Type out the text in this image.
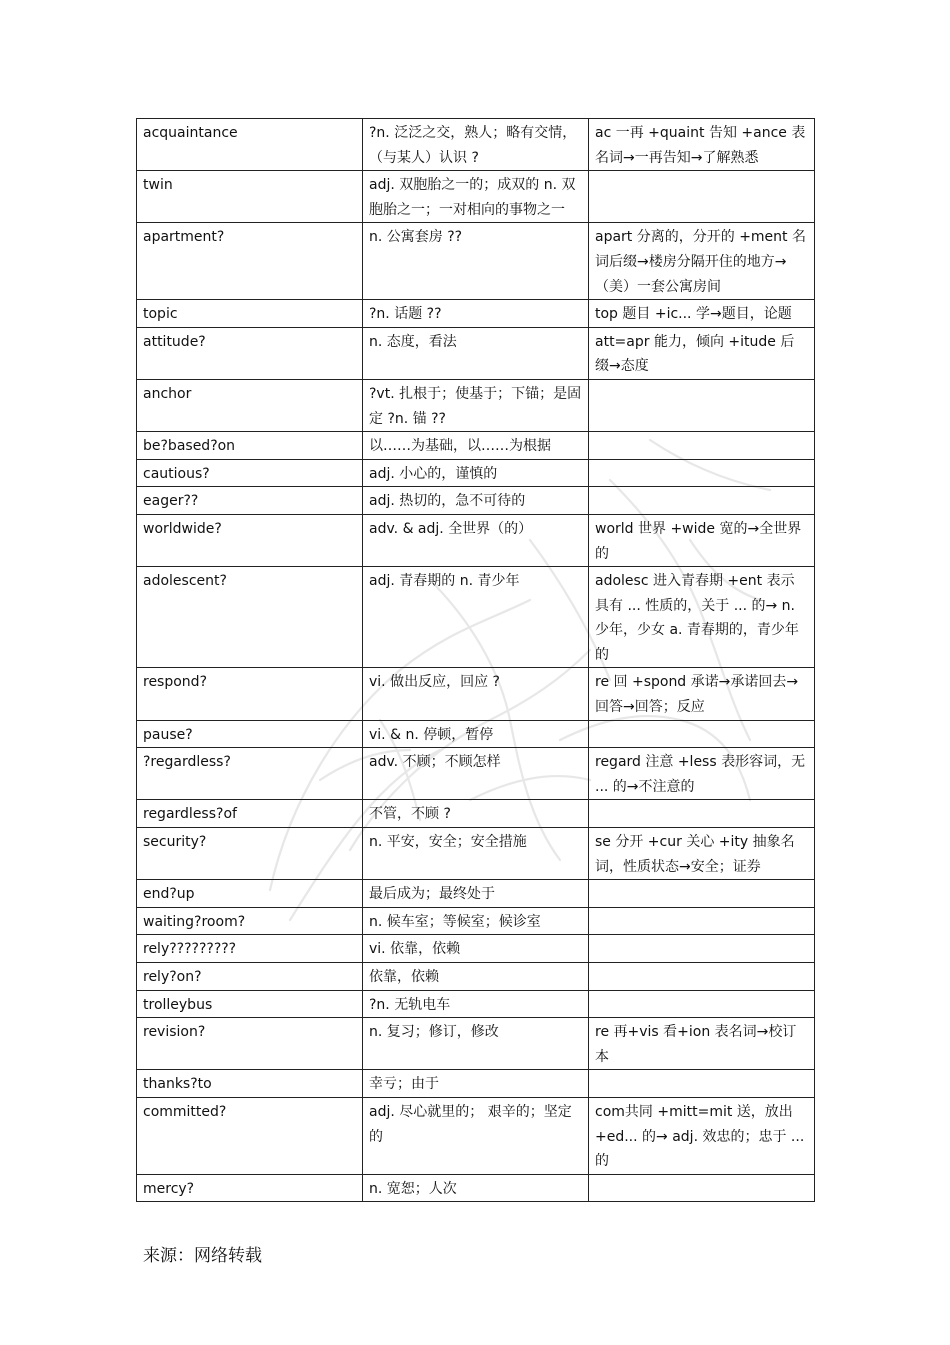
acquaintance	?n. 泛泛之交，熟人；略有交情，（与某人）认识 ?	ac 一再 +quaint 告知 +ance 表名词→一再告知→了解熟悉
twin	adj. 双胞胎之一的；成双的 n. 双胞胎之一；一对相向的事物之一	
apartment?	n. 公寓套房 ??	apart 分离的，分开的 +ment 名词后缀→楼房分隔开住的地方→（美）一套公寓房间
topic	?n. 话题 ??	top 题目 +ic... 学→题目，论题
attitude?	n. 态度，看法	att=apr 能力，倾向 +itude 后缀→态度
anchor	?vt. 扎根于；使基于；下锚；是固定 ?n. 锚 ??	
be?based?on	以……为基础，以……为根据	
cautious?	adj. 小心的，谨慎的	
eager??	adj. 热切的，急不可待的	
worldwide?	adv. & adj. 全世界（的）	world 世界 +wide 宽的→全世界的
adolescent?	adj. 青春期的 n. 青少年	adolesc 进入青春期 +ent 表示具有 ... 性质的，关于 ... 的→ n. 少年，少女 a. 青春期的，青少年的
respond?	vi. 做出反应，回应 ?	re 回 +spond 承诺→承诺回去→回答→回答；反应
pause?	vi. & n. 停顿，暂停	
?regardless?	adv. 不顾；不顾怎样	regard 注意 +less 表形容词，无 ... 的→不注意的
regardless?of	不管，不顾 ?	
security?	n. 平安，安全；安全措施	se 分开 +cur 关心 +ity 抽象名词，性质状态→安全；证券
end?up	最后成为；最终处于	
waiting?room?	n. 候车室；等候室；候诊室	
rely?????????	vi. 依靠，依赖	
rely?on?	依靠，依赖	
trolleybus	?n. 无轨电车	
revision?	n. 复习；修订，修改	re 再+vis 看+ion 表名词→校订本
thanks?to	幸亏；由于	
committed?	adj. 尽心就里的； 艰辛的；坚定的	com共同 +mitt=mit 送，放出 +ed... 的→ adj. 效忠的；忠于 ... 的
mercy?	n. 宽恕；人次	
来源：网络转载
